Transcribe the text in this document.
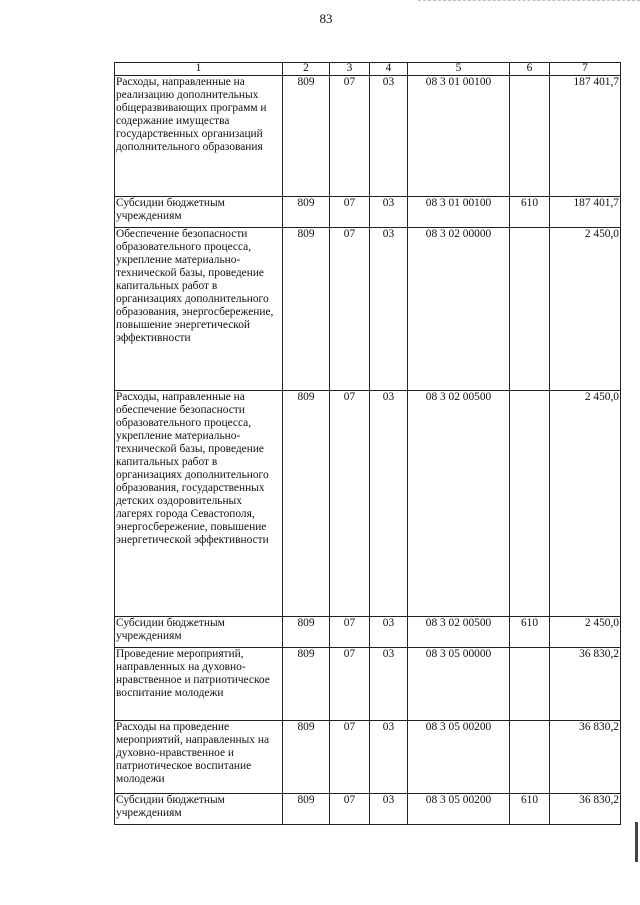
83
1	2	3	4	5	6	7
Расходы, направленные на реализацию дополнительных общеразвивающих программ и содержание имущества государственных организаций дополнительного образования	809	07	03	08 3 01 00100		187 401,7
Субсидии бюджетным учреждениям	809	07	03	08 3 01 00100	610	187 401,7
Обеспечение безопасности образовательного процесса, укрепление материально-технической базы, проведение капитальных работ в организациях дополнительного образования, энергосбережение, повышение энергетической эффективности	809	07	03	08 3 02 00000		2 450,0
Расходы, направленные на обеспечение безопасности образовательного процесса, укрепление материально-технической базы, проведение капитальных работ в организациях дополнительного образования, государственных детских оздоровительных лагерях города Севастополя, энергосбережение, повышение энергетической эффективности	809	07	03	08 3 02 00500		2 450,0
Субсидии бюджетным учреждениям	809	07	03	08 3 02 00500	610	2 450,0
Проведение мероприятий, направленных на духовно-нравственное и патриотическое воспитание молодежи	809	07	03	08 3 05 00000		36 830,2
Расходы на проведение мероприятий, направленных на духовно-нравственное и патриотическое воспитание молодежи	809	07	03	08 3 05 00200		36 830,2
Субсидии бюджетным учреждениям	809	07	03	08 3 05 00200	610	36 830,2
